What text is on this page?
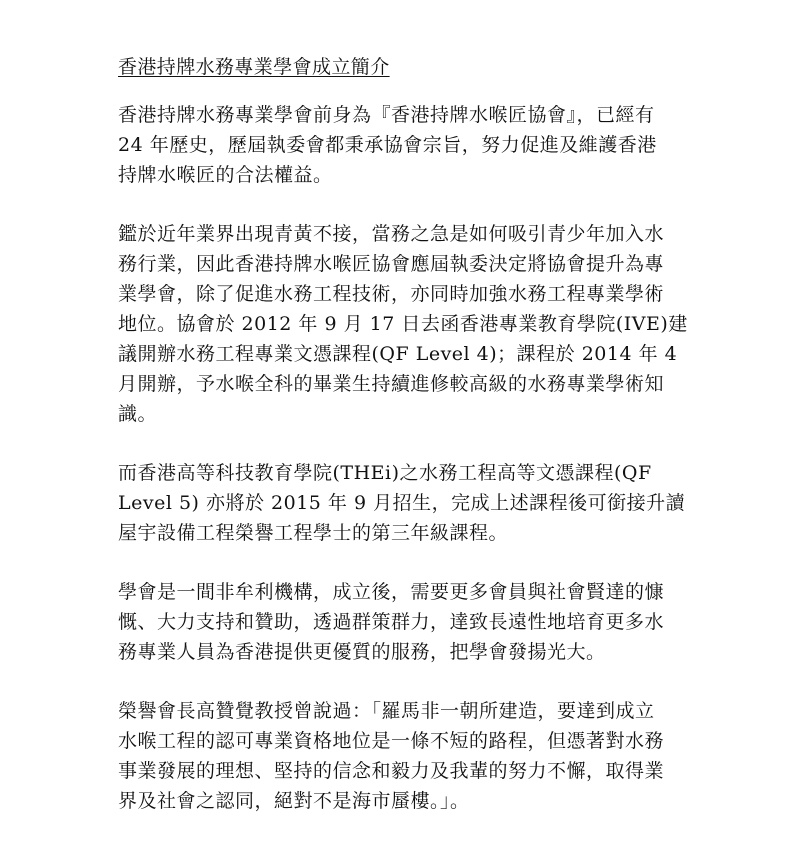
香港持牌水務專業學會成立簡介
香港持牌水務專業學會前身為『香港持牌水喉匠協會』，已經有
24 年歷史，歷屆執委會都秉承協會宗旨，努力促進及維護香港
持牌水喉匠的合法權益。
鑑於近年業界出現青黃不接，當務之急是如何吸引青少年加入水
務行業，因此香港持牌水喉匠協會應屆執委決定將協會提升為專
業學會，除了促進水務工程技術，亦同時加強水務工程專業學術
地位。協會於 2012 年 9 月 17 日去函香港專業教育學院(IVE)建
議開辦水務工程專業文憑課程(QF Level 4)；課程於 2014 年 4
月開辦，予水喉全科的畢業生持續進修較高級的水務專業學術知
識。
而香港高等科技教育學院(THEi)之水務工程高等文憑課程(QF
Level 5) 亦將於 2015 年 9 月招生，完成上述課程後可銜接升讀
屋宇設備工程榮譽工程學士的第三年級課程。
學會是一間非牟利機構，成立後，需要更多會員與社會賢達的慷
慨、大力支持和贊助，透過群策群力，達致長遠性地培育更多水
務專業人員為香港提供更優質的服務，把學會發揚光大。
榮譽會長高贊覺教授曾說過：「羅馬非一朝所建造，要達到成立
水喉工程的認可專業資格地位是一條不短的路程，但憑著對水務
事業發展的理想、堅持的信念和毅力及我輩的努力不懈，取得業
界及社會之認同，絕對不是海市蜃樓。」。
